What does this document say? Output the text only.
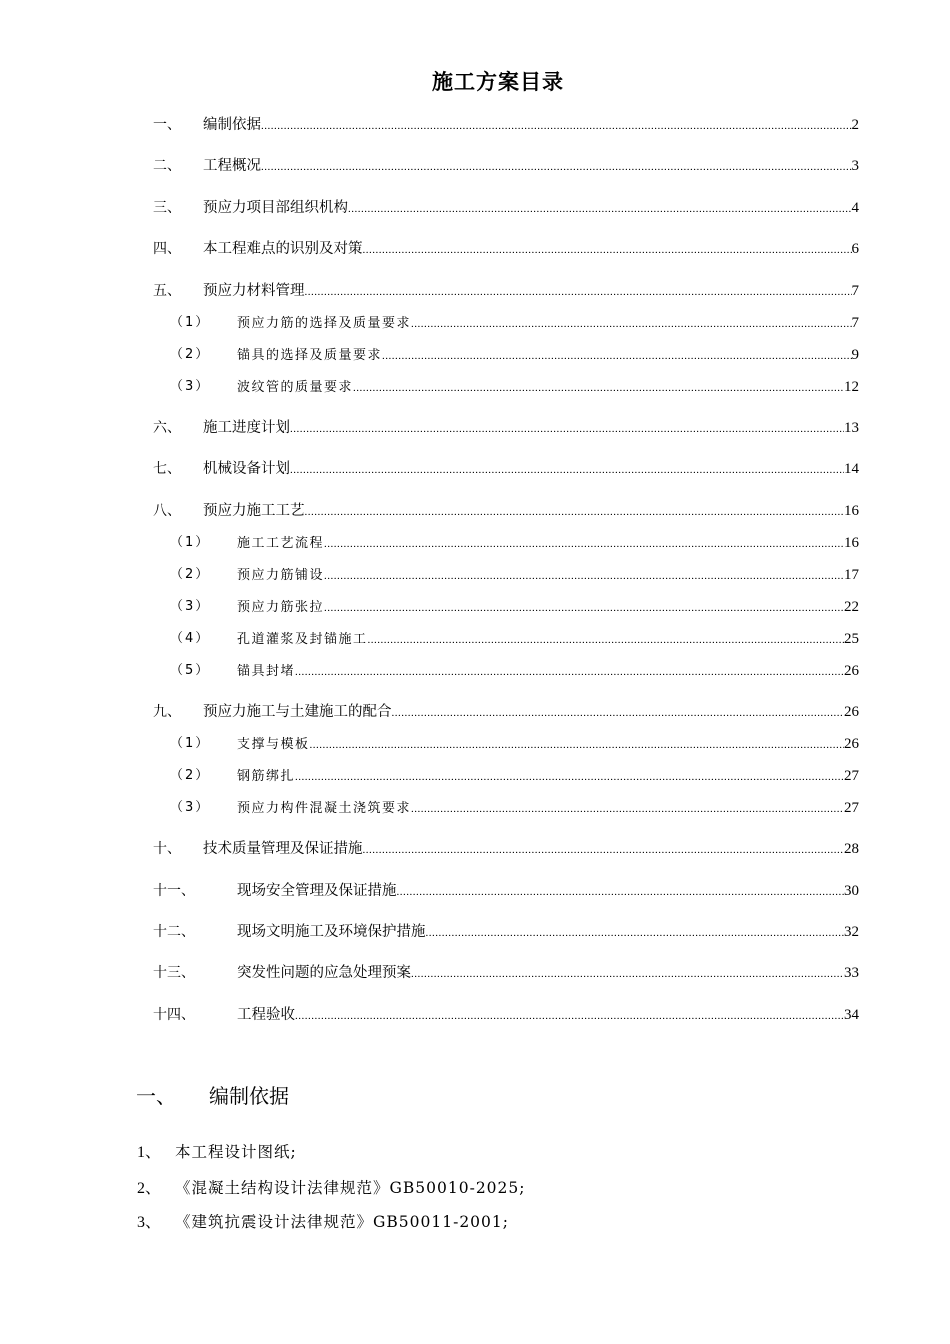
施工方案目录
一、 编制依据 .....	2
二、 工程概况 .....	3
三、 预应力项目部组织机构 .....	4
四、 本工程难点的识别及对策 .....	6
五、 预应力材料管理 .....	7
（1） 预应力筋的选择及质量要求 .....	7
（2） 锚具的选择及质量要求 .....	9
（3） 波纹管的质量要求 .....	12
六、 施工进度计划 .....	13
七、 机械设备计划 .....	14
八、 预应力施工工艺 .....	16
（1） 施工工艺流程 .....	16
（2） 预应力筋铺设 .....	17
（3） 预应力筋张拉 .....	22
（4） 孔道灌浆及封锚施工 .....	25
（5） 锚具封堵 .....	26
九、 预应力施工与土建施工的配合 .....	26
（1） 支撑与模板 .....	26
（2） 钢筋绑扎 .....	27
（3） 预应力构件混凝土浇筑要求 .....	27
十、 技术质量管理及保证措施 .....	28
十一、	现场安全管理及保证措施 .....	30
十二、	现场文明施工及环境保护措施 .....	32
十三、	突发性问题的应急处理预案 .....	33
十四、	工程验收 .....	34
一、 编制依据
1、 本工程设计图纸;
2、 《混凝土结构设计法律规范》GB50010-2025;
3、 《建筑抗震设计法律规范》GB50011-2001;
